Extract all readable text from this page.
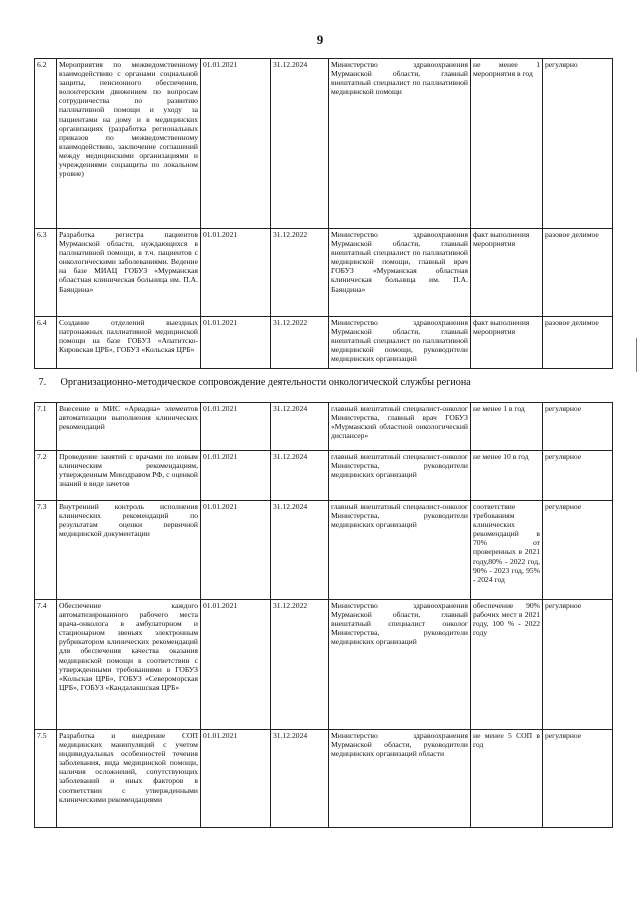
9
6.2	Мероприятия по межведомственному взаимодействию с органами социальной защиты, пенсионного обеспечения, волонтерским движением по вопросам сотрудничества по развитию паллиативной помощи и уходу за пациентами на дому и в медицинских организациях (разработка региональных приказов по межведомственному взаимодействию, заключение соглашений между медицинскими организациями и учреждениями соцзащиты по локальном уровне)	01.01.2021	31.12.2024	Министерство здравоохранения Мурманской области, главный внештатный специалист по паллиативной медицинской помощи	не менее 1 мероприятия в год	регулярно
6.3	Разработка регистра пациентов Мурманской области, нуждающихся в паллиативной помощи, в т.ч. пациентов с онкологическими заболеваниями. Ведение на базе МИАЦ ГОБУЗ «Мурманская областная клиническая больница им. П.А. Баяндина»	01.01.2021	31.12.2022	Министерство здравоохранения Мурманской области, главный внештатный специалист по паллиативной медицинской помощи, главный врач ГОБУЗ «Мурманская областная клиническая больница им. П.А. Баяндина»	факт выполнения мероприятия	разовое делимое
6.4	Создание отделений выездных патронажных паллиативной медицинской помощи на базе ГОБУЗ «Апатитско-Кировская ЦРБ», ГОБУЗ «Кольская ЦРБ»	01.01.2021	31.12.2022	Министерство здравоохранения Мурманской области, главный внештатный специалист по паллиативной медицинской помощи, руководители медицинских организаций	факт выполнения мероприятия	разовое делимое
7. Организационно-методическое сопровождение деятельности онкологической службы региона						
7.1	Внесение в МИС «Ариадна» элементов автоматизации выполнения клинических рекомендаций	01.01.2021	31.12.2024	главный внештатный специалист-онколог Министерства, главный врач ГОБУЗ «Мурманский областной онкологический диспансер»	не менее 1 в год	регулярное
7.2	Проведение занятий с врачами по новым клиническим рекомендациям, утвержденным Минздравом РФ, с оценкой знаний в виде зачетов	01.01.2021	31.12.2024	главный внештатный специалист-онколог Министерства, руководители медицинских организаций	не менее 10 в год	регулярное
7.3	Внутренний контроль исполнения клинических рекомендаций по результатам оценки первичной медицинской документации	01.01.2021	31.12.2024	главный внештатный специалист-онколог Министерства, руководители медицинских организаций	соответствие требованиям клинических рекомендаций в 70% от проверенных в 2021 году,80% - 2022 год, 90% - 2023 год, 95% - 2024 год	регулярное
7.4	Обеспечение каждого автоматизированного рабочего места врача-онколога в амбулаторном и стационарном звеньях электронным рубрикатором клинических рекомендаций для обеспечения качества оказания медицинской помощи в соответствии с утвержденными требованиями в ГОБУЗ «Кольская ЦРБ», ГОБУЗ «Североморская ЦРБ», ГОБУЗ «Кандалакшская ЦРБ»	01.01.2021	31.12.2022	Министерство здравоохранения Мурманской области, главный внештатный специалист онколог Министерства, руководители медицинских организаций	обеспечение 90% рабочих мест в 2021 году, 100 % - 2022 году	регулярное
7.5	Разработка и внедрение СОП медицинских манипуляций с учетом индивидуальных особенностей течения заболевания, вида медицинской помощи, наличия осложнений, сопутствующих заболеваний и иных факторов в соответствии с утвержденными клиническими рекомендациями	01.01.2021	31.12.2024	Министерство здравоохранения Мурманской области, руководители медицинских организаций области	не менее 5 СОП в год	регулярное
